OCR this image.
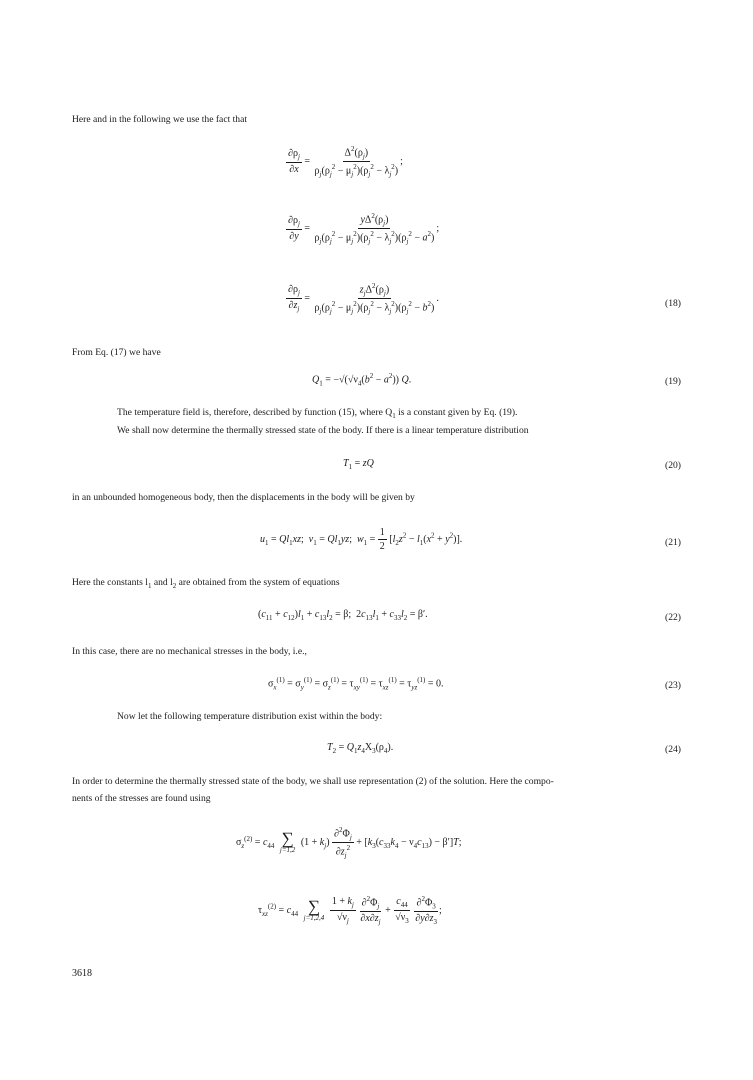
Here and in the following we use the fact that
$\frac{\partial\rho_j}{\partial x} = \frac{\Delta^2(\rho_j)}{\rho_j(\rho_j^2 - \mu_j^2)(\rho_j^2 - \lambda_j^2)}$ ;
$\frac{\partial\rho_j}{\partial y} = \frac{y\Delta^2(\rho_j)}{\rho_j(\rho_j^2 - \mu_j^2)(\rho_j^2 - \lambda_j^2)(\rho_j^2 - a^2)}$ ;
$\frac{\partial\rho_j}{\partial z_j} = \frac{z_j\Delta^2(\rho_j)}{\rho_j(\rho_j^2 - \mu_j^2)(\rho_j^2 - \lambda_j^2)(\rho_j^2 - b^2)}$ .	(18)
From Eq. (17) we have
$Q_1 = -√(√\nu_4(b^2 - a^2))$ Q.	(19)
The temperature field is, therefore, described by function (15), where $Q_1$ is a constant given by Eq. (19).
We shall now determine the thermally stressed state of the body. If there is a linear temperature distribution
$T_1$ = zQ	(20)
in an unbounded homogeneous body, then the displacements in the body will be given by
$u_1 = Ql_1xz$;  $v_1 = Ql_1yz$;  $w_1 = \frac{1}{2} [l_2z^2 - l_1(x^2 + y^2)]$.	(21)
Here the constants $l_1$ and $l_2$ are obtained from the system of equations
$(c_{11} + c_{12})l_1 + c_{13}l_2 = \beta$;  $2c_{13}l_1 + c_{33}l_2 = \beta'$.	(22)
In this case, there are no mechanical stresses in the body, i.e.,
$\sigma_x^{(1)} = \sigma_y^{(1)} = \sigma_z^{(1)} = \tau_{xy}^{(1)} = \tau_{xz}^{(1)} = \tau_{yz}^{(1)} = 0$.	(23)
Now let the following temperature distribution exist within the body:
$T_2 = Q_1z_4X_3(\rho_4)$.	(24)
In order to determine the thermally stressed state of the body, we shall use representation (2) of the solution. Here the compo-
nents of the stresses are found using
$\sigma_z^{(2)} = c_{44}$ ∑
j=1,2
$(1 + k_j) \frac{\partial^2\Phi_j}{\partial z_j^2} + [k_3(c_{33}k_4 - \nu_4c_{13}) - \beta']T$;
$\tau_{xz}^{(2)} = c_{44}$ ∑
j=1,2,4
$\frac{1 + k_j}{√\nu_j}$
$\frac{\partial^2\Phi_j}{\partial x\partial z_j} + \frac{c_{44}}{√\nu_3}$
$\frac{\partial^2\Phi_3}{\partial y\partial z_3}$ ;
3618
